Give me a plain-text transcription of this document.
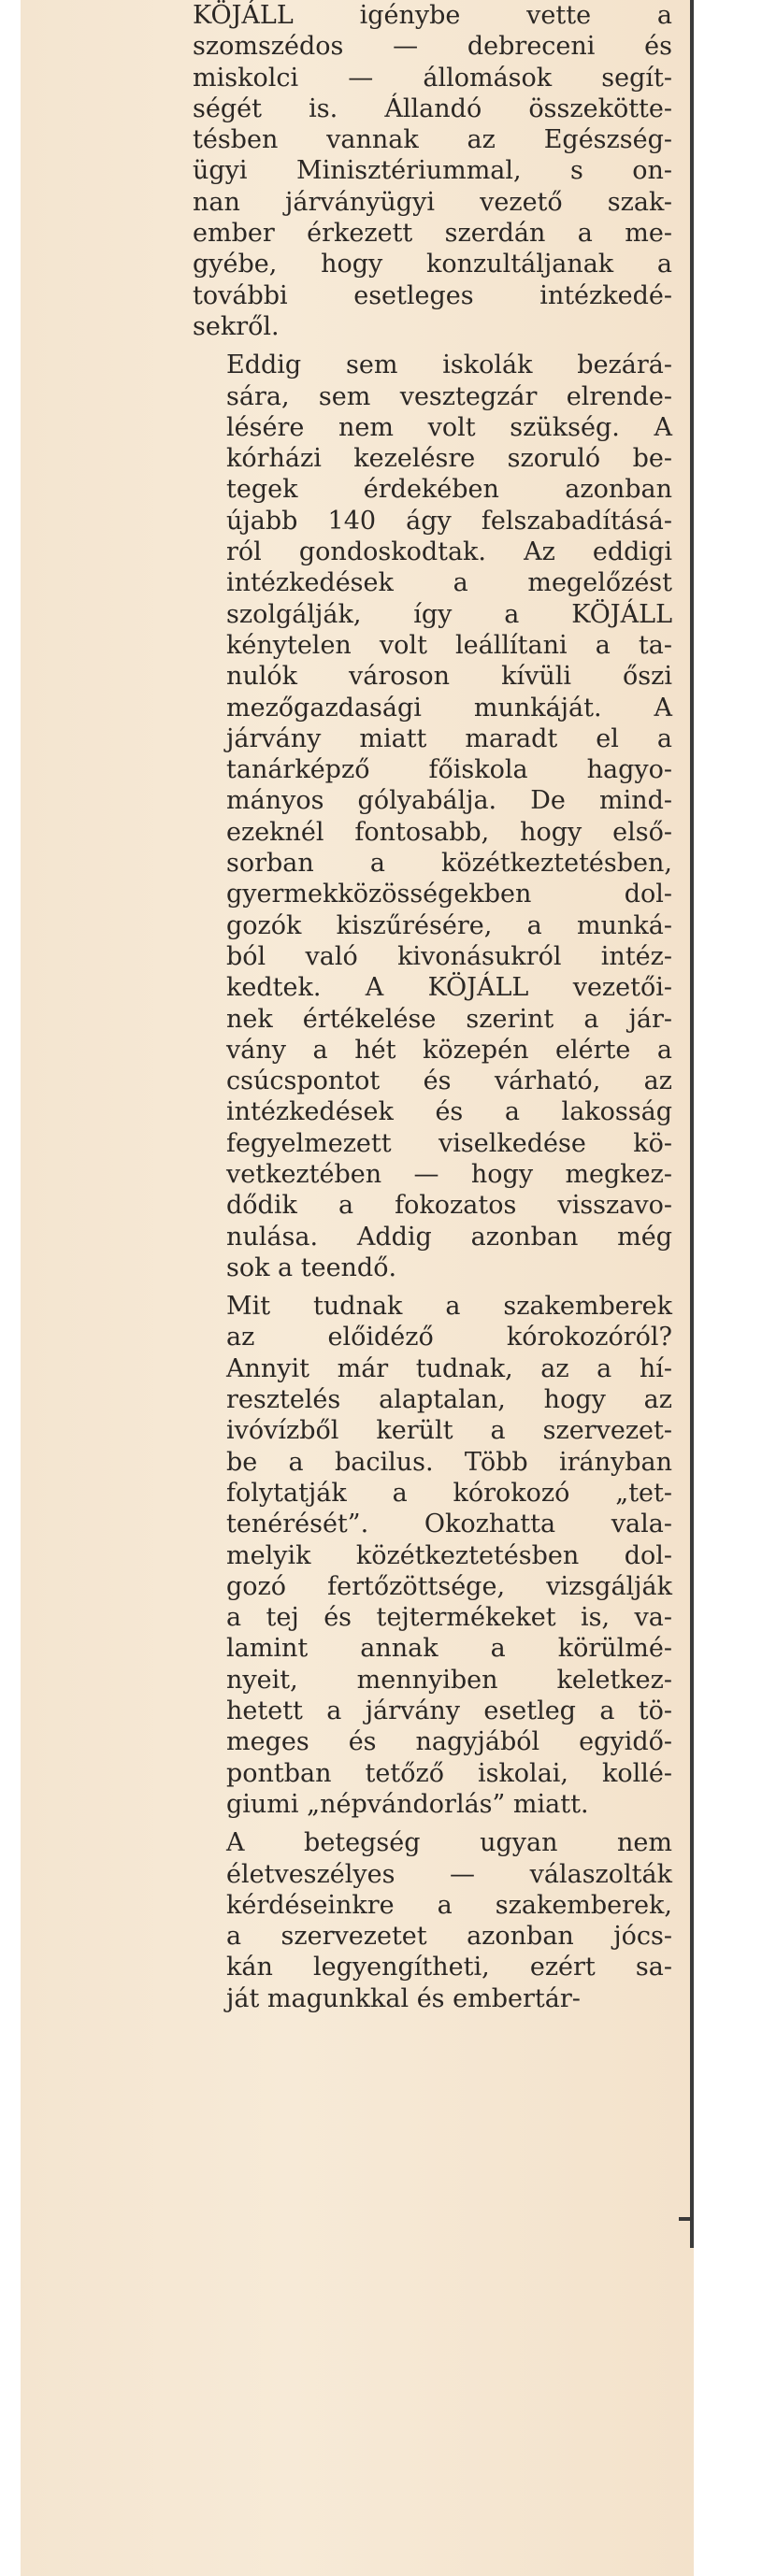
KÖJÁLL igénybe vette a
szomszédos — debreceni és
miskolci — állomások segít-
ségét is. Állandó összekötte-
tésben vannak az Egészség-
ügyi Minisztériummal, s on-
nan járványügyi vezető szak-
ember érkezett szerdán a me-
gyébe, hogy konzultáljanak a
további esetleges intézkedé-
sekről.

Eddig sem iskolák bezárá-
sára, sem vesztegzár elrende-
lésére nem volt szükség. A
kórházi kezelésre szoruló be-
tegek érdekében azonban
újabb 140 ágy felszabadításá-
ról gondoskodtak. Az eddigi
intézkedések a megelőzést
szolgálják, így a KÖJÁLL
kénytelen volt leállítani a ta-
nulók városon kívüli őszi
mezőgazdasági munkáját. A
járvány miatt maradt el a
tanárképző főiskola hagyo-
mányos gólyabálja. De mind-
ezeknél fontosabb, hogy első-
sorban a közétkeztetésben,
gyermekközösségekben dol-
gozók kiszűrésére, a munká-
ból való kivonásukról intéz-
kedtek. A KÖJÁLL vezetői-
nek értékelése szerint a jár-
vány a hét közepén elérte a
csúcspontot és várható, az
intézkedések és a lakosság
fegyelmezett viselkedése kö-
vetkeztében — hogy megkez-
dődik a fokozatos visszavo-
nulása. Addig azonban még
sok a teendő.

Mit tudnak a szakemberek
az előidéző kórokozóról?
Annyit már tudnak, az a hí-
resztelés alaptalan, hogy az
ivóvízből került a szervezet-
be a bacilus. Több irányban
folytatják a kórokozó „tet-
tenérését”. Okozhatta vala-
melyik közétkeztetésben dol-
gozó fertőzöttsége, vizsgálják
a tej és tejtermékeket is, va-
lamint annak a körülmé-
nyeit, mennyiben keletkez-
hetett a járvány esetleg a tö-
meges és nagyjából egyidő-
pontban tetőző iskolai, kollé-
giumi „népvándorlás” miatt.

A betegség ugyan nem
életveszélyes — válaszolták
kérdéseinkre a szakemberek,
a szervezetet azonban jócs-
kán legyengítheti, ezért sa-
ját magunkkal és embertár-
